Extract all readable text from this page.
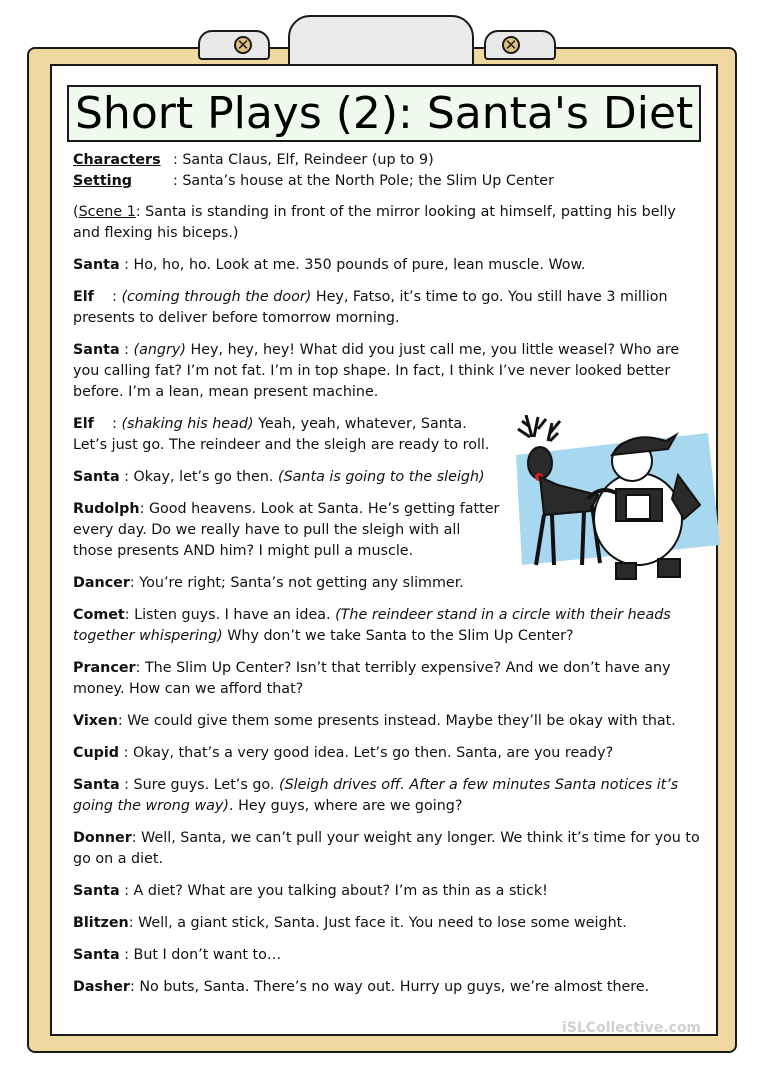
✕	✕
Short Plays (2): Santa's Diet
Characters : Santa Claus, Elf, Reindeer (up to 9)
Setting	: Santa’s house at the North Pole; the Slim Up Center
(Scene 1: Santa is standing in front of the mirror looking at himself, patting his belly and flexing his biceps.)
Santa : Ho, ho, ho. Look at me. 350 pounds of pure, lean muscle. Wow.
Elf    : (coming through the door) Hey, Fatso, it’s time to go. You still have 3 million presents to deliver before tomorrow morning.
Santa : (angry) Hey, hey, hey! What did you just call me, you little weasel? Who are you calling fat? I’m not fat. I’m in top shape. In fact, I think I’ve never looked better before. I’m a lean, mean present machine.
Elf    : (shaking his head) Yeah, yeah, whatever, Santa. Let’s just go. The reindeer and the sleigh are ready to roll.
Santa : Okay, let’s go then. (Santa is going to the sleigh)
Rudolph: Good heavens. Look at Santa. He’s getting fatter every day. Do we really have to pull the sleigh with all those presents AND him? I might pull a muscle.
Dancer: You’re right; Santa’s not getting any slimmer.
Comet: Listen guys. I have an idea. (The reindeer stand in a circle with their heads together whispering) Why don’t we take Santa to the Slim Up Center?
Prancer: The Slim Up Center? Isn’t that terribly expensive? And we don’t have any money. How can we afford that?
Vixen: We could give them some presents instead. Maybe they’ll be okay with that.
Cupid : Okay, that’s a very good idea. Let’s go then. Santa, are you ready?
Santa : Sure guys. Let’s go. (Sleigh drives off. After a few minutes Santa notices it’s going the wrong way). Hey guys, where are we going?
Donner: Well, Santa, we can’t pull your weight any longer. We think it’s time for you to go on a diet.
Santa : A diet? What are you talking about? I’m as thin as a stick!
Blitzen: Well, a giant stick, Santa. Just face it. You need to lose some weight.
Santa : But I don’t want to…
Dasher: No buts, Santa. There’s no way out. Hurry up guys, we’re almost there.
iSLCollective.com
